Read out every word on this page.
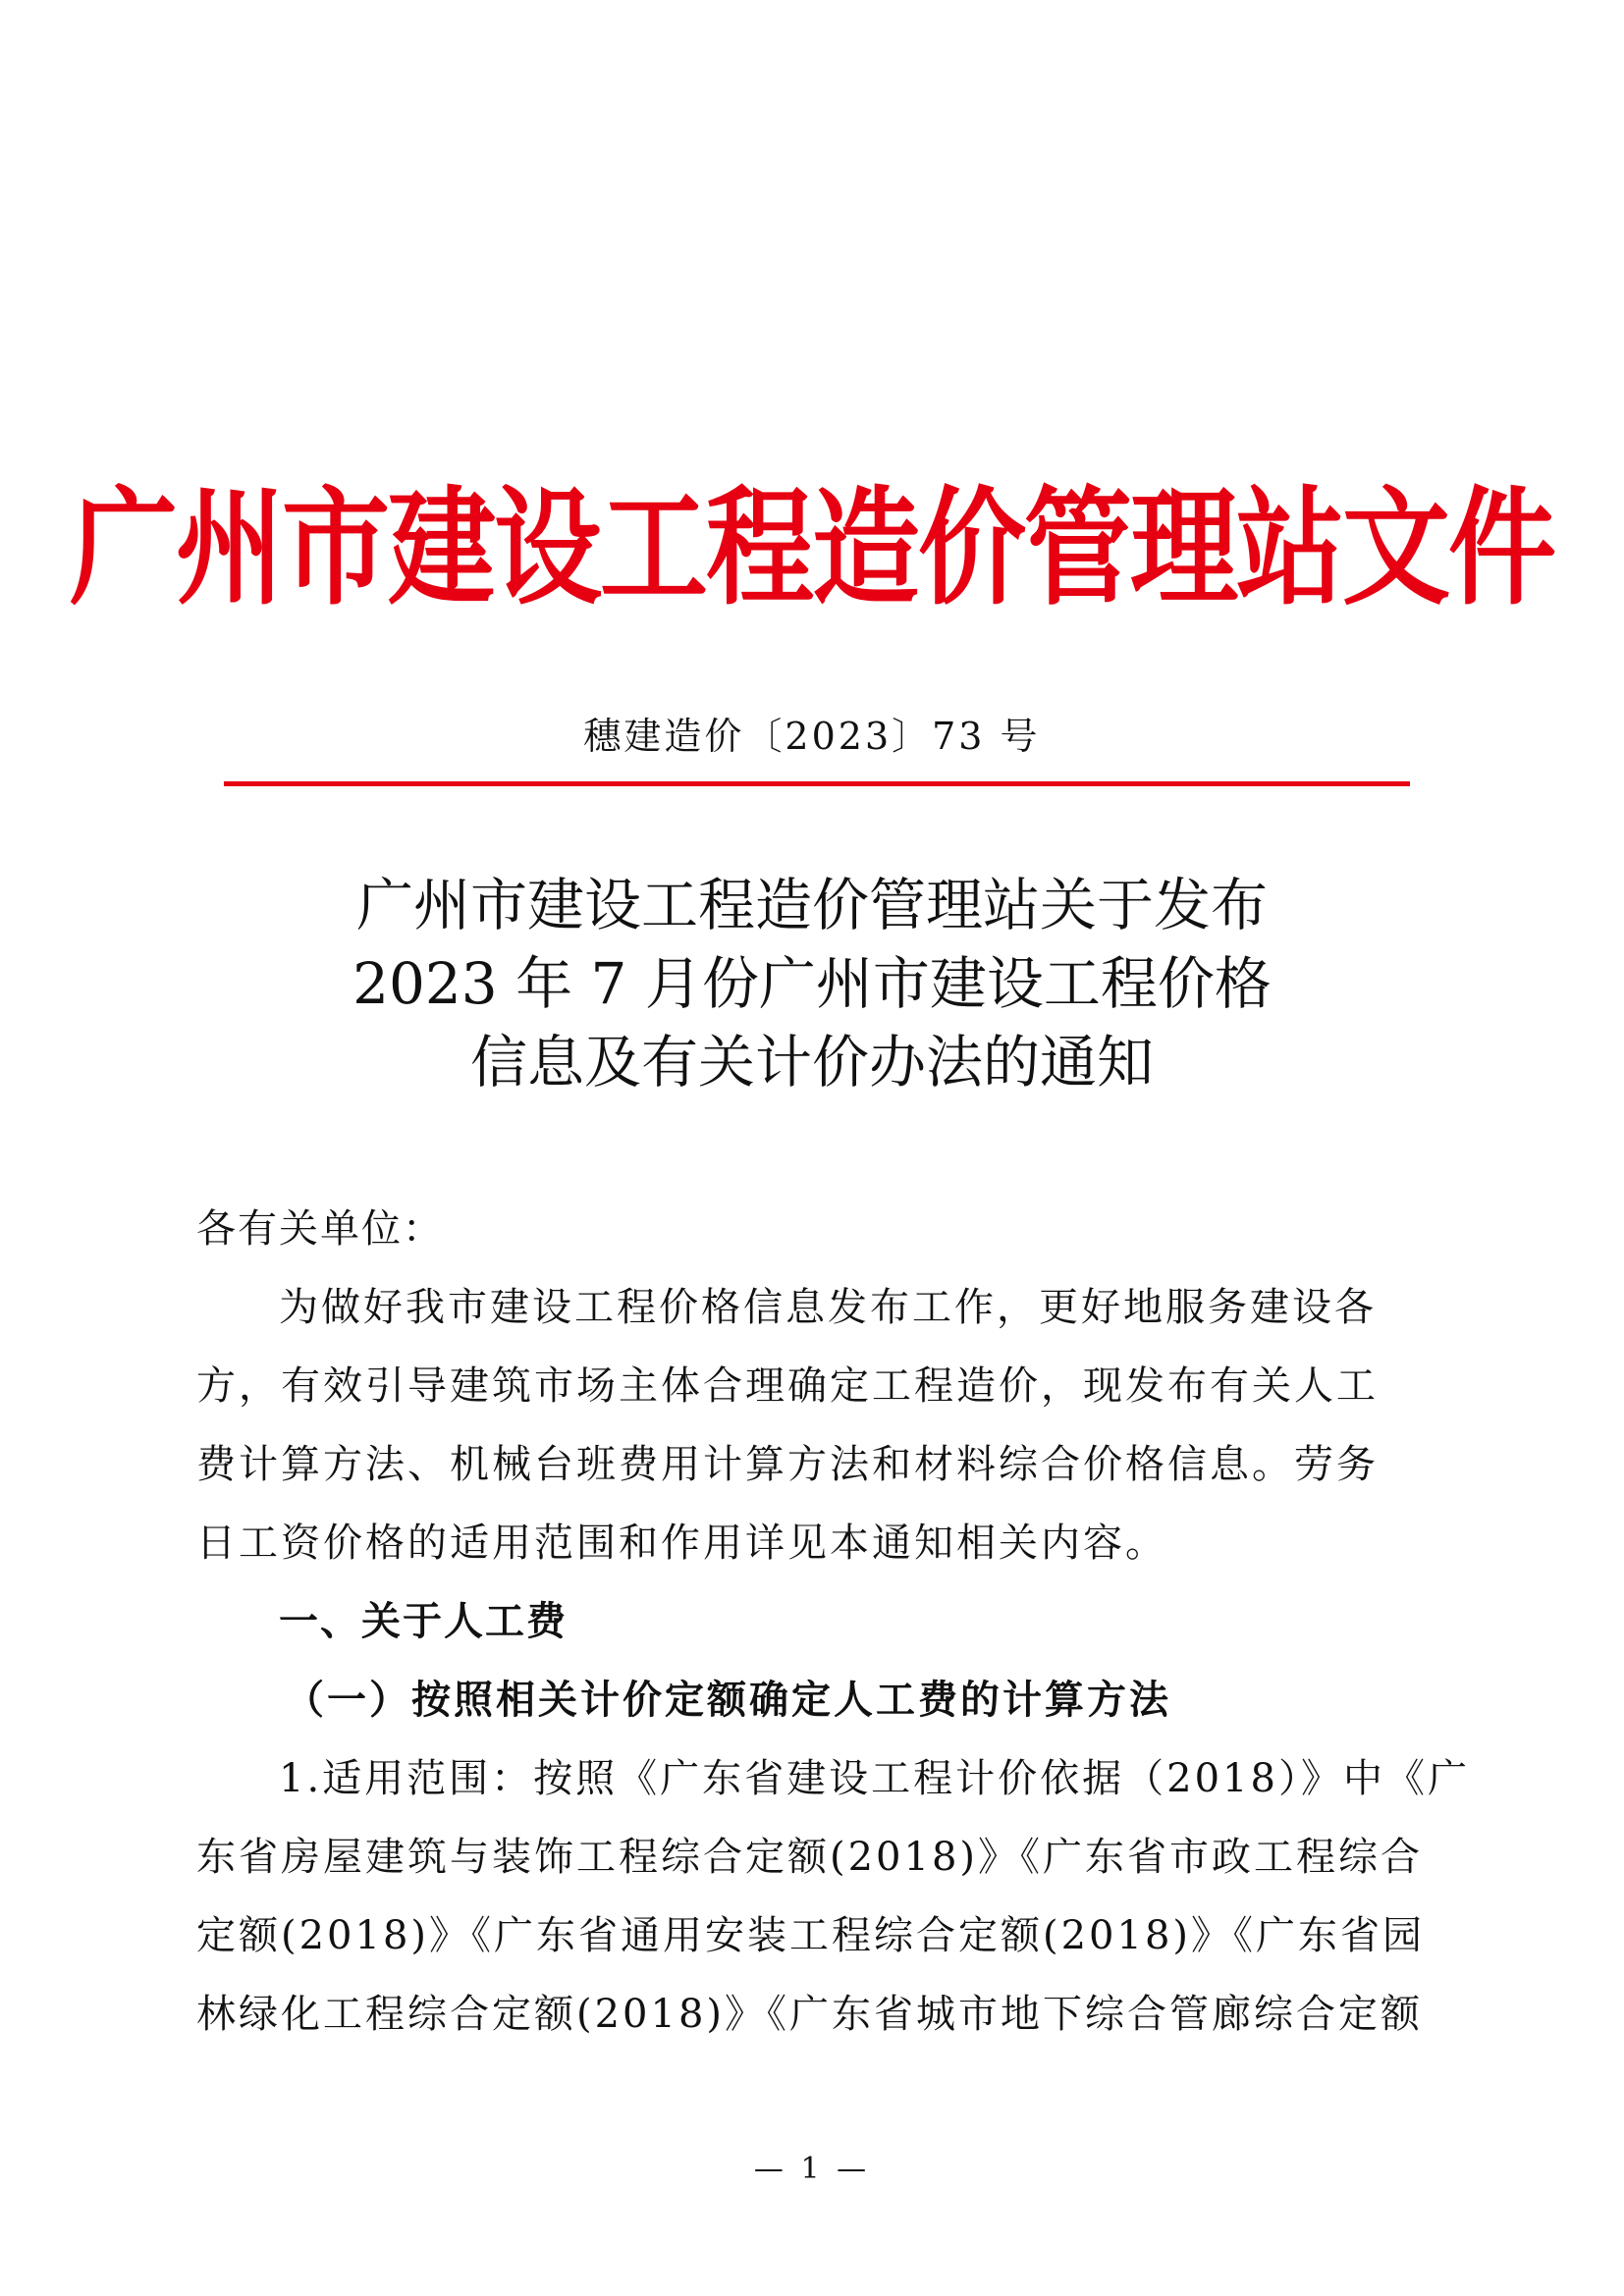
广州市建设工程造价管理站文件
穗建造价〔2023〕73 号
广州市建设工程造价管理站关于发布
2023 年 7 月份广州市建设工程价格
信息及有关计价办法的通知
各有关单位：
为做好我市建设工程价格信息发布工作，更好地服务建设各
方，有效引导建筑市场主体合理确定工程造价，现发布有关人工
费计算方法、机械台班费用计算方法和材料综合价格信息。劳务
日工资价格的适用范围和作用详见本通知相关内容。
一、关于人工费
（一）按照相关计价定额确定人工费的计算方法
1.适用范围：按照《广东省建设工程计价依据（2018）》中《广
东省房屋建筑与装饰工程综合定额(2018)》《广东省市政工程综合
定额(2018)》《广东省通用安装工程综合定额(2018)》《广东省园
林绿化工程综合定额(2018)》《广东省城市地下综合管廊综合定额
— 1 —
